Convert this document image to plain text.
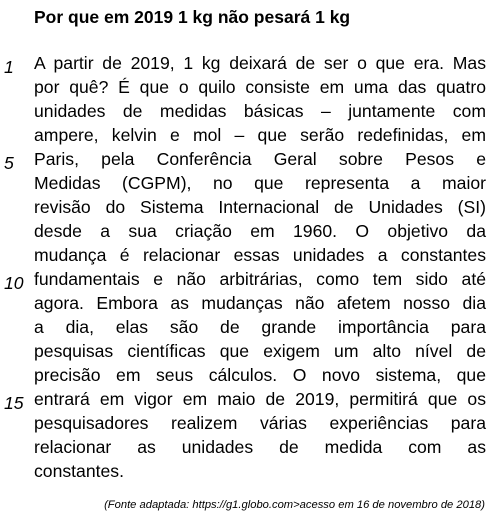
Por que em 2019 1 kg não pesará 1 kg
1
5
10
15
A partir de 2019, 1 kg deixará de ser o que era. Mas
por quê? É que o quilo consiste em uma das quatro
unidades de medidas básicas – juntamente com
ampere, kelvin e mol – que serão redefinidas, em
Paris, pela Conferência Geral sobre Pesos e
Medidas (CGPM), no que representa a maior
revisão do Sistema Internacional de Unidades (SI)
desde a sua criação em 1960. O objetivo da
mudança é relacionar essas unidades a constantes
fundamentais e não arbitrárias, como tem sido até
agora. Embora as mudanças não afetem nosso dia
a dia, elas são de grande importância para
pesquisas científicas que exigem um alto nível de
precisão em seus cálculos. O novo sistema, que
entrará em vigor em maio de 2019, permitirá que os
pesquisadores realizem várias experiências para
relacionar as unidades de medida com as
constantes.
(Fonte adaptada: https://g1.globo.com>acesso em 16 de novembro de 2018)
